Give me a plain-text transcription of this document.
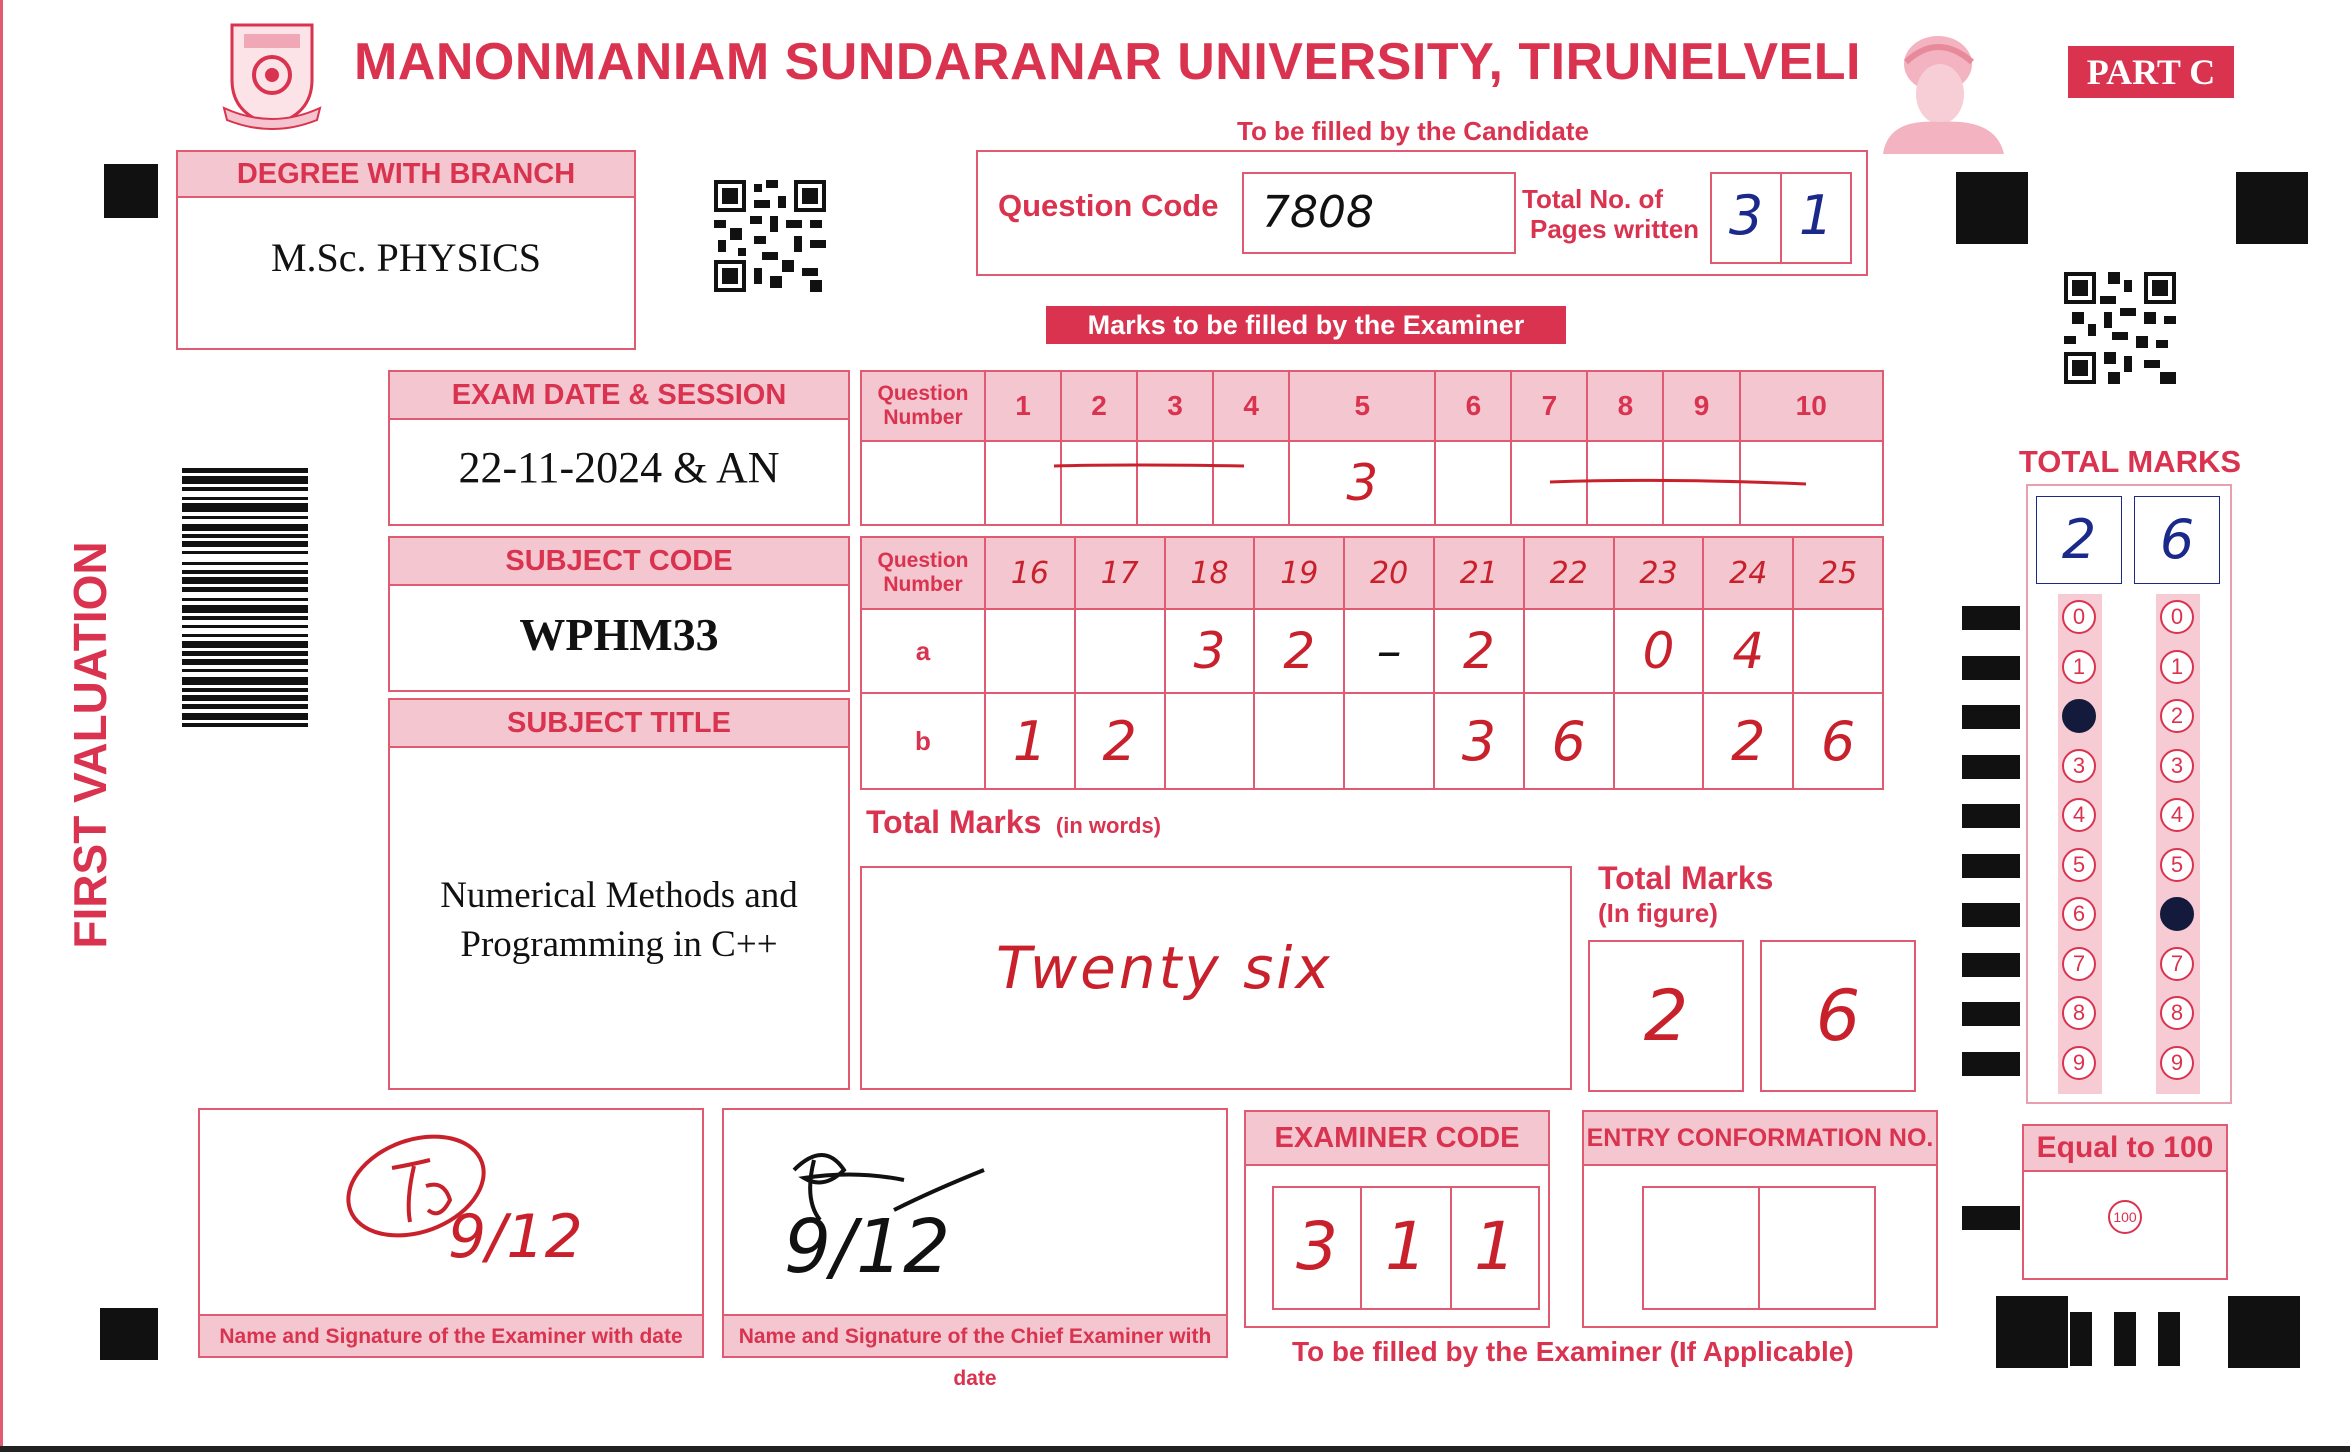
MANONMANIAM SUNDARANAR UNIVERSITY, TIRUNELVELI	PART C
To be filled by the Candidate
DEGREE WITH BRANCH
M.Sc. PHYSICS
Question Code 7808	Total No. of
Pages written 3 1
Marks to be filled by the Examiner
FIRST VALUATION
EXAM DATE & SESSION
22-11-2024 & AN
SUBJECT CODE
WPHM33
SUBJECT TITLE
Numerical Methods and
Programming in C++
Question Number	1	2	3	4	5	6	7	8	9	10
					3					
Question Number	16	17	18	19	20	21	22	23	24	25
a			3	2	–	2		0	4	
b	1	2				3	6		2	6
Total Marks (in words)
Twenty six
Total Marks
(In figure)
2	6
TOTAL MARKS
2	6
0
1
2
3
4
5
6
7
8
9
0
1
2
3
4
5
6
7
8
9
Equal to 100
100
9/12
Name and Signature of the Examiner with date
9/12
Name and Signature of the Chief Examiner with date
EXAMINER CODE
3 1 1
ENTRY CONFORMATION NO.
To be filled by the Examiner (If Applicable)
